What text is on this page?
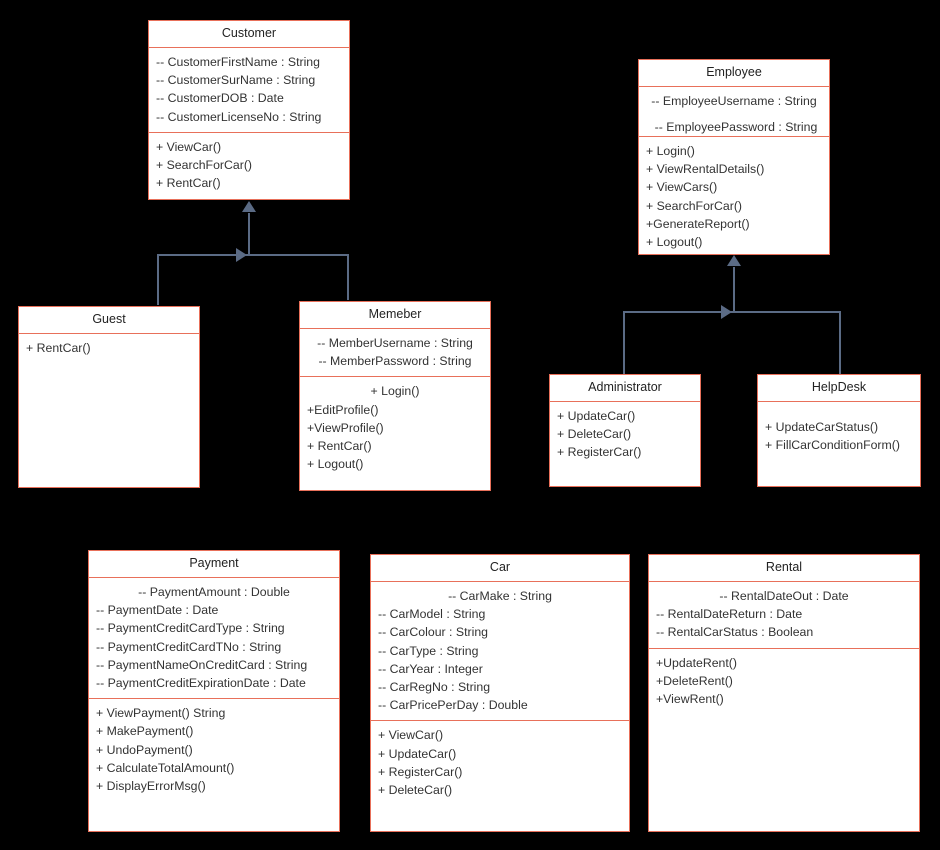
Customer
-- CustomerFirstName : String
-- CustomerSurName : String
-- CustomerDOB : Date
-- CustomerLicenseNo : String
+ ViewCar()
+ SearchForCar()
+ RentCar()
Employee
-- EmployeeUsername : String
-- EmployeePassword : String
+ Login()
+ ViewRentalDetails()
+ ViewCars()
+ SearchForCar()
+GenerateReport()
+ Logout()
Guest
+ RentCar()
Memeber
-- MemberUsername : String
-- MemberPassword : String
+ Login()
+EditProfile()
+ViewProfile()
+ RentCar()
+ Logout()
Administrator
+ UpdateCar()
+ DeleteCar()
+ RegisterCar()
HelpDesk
+ UpdateCarStatus()
+ FillCarConditionForm()
Payment
-- PaymentAmount : Double
-- PaymentDate : Date
-- PaymentCreditCardType : String
-- PaymentCreditCardTNo : String
-- PaymentNameOnCreditCard : String
-- PaymentCreditExpirationDate : Date
+ ViewPayment() String
+ MakePayment()
+ UndoPayment()
+ CalculateTotalAmount()
+ DisplayErrorMsg()
Car
-- CarMake : String
-- CarModel : String
-- CarColour : String
-- CarType : String
-- CarYear : Integer
-- CarRegNo : String
-- CarPricePerDay : Double
+ ViewCar()
+ UpdateCar()
+ RegisterCar()
+ DeleteCar()
Rental
-- RentalDateOut : Date
-- RentalDateReturn : Date
-- RentalCarStatus : Boolean
+UpdateRent()
+DeleteRent()
+ViewRent()
